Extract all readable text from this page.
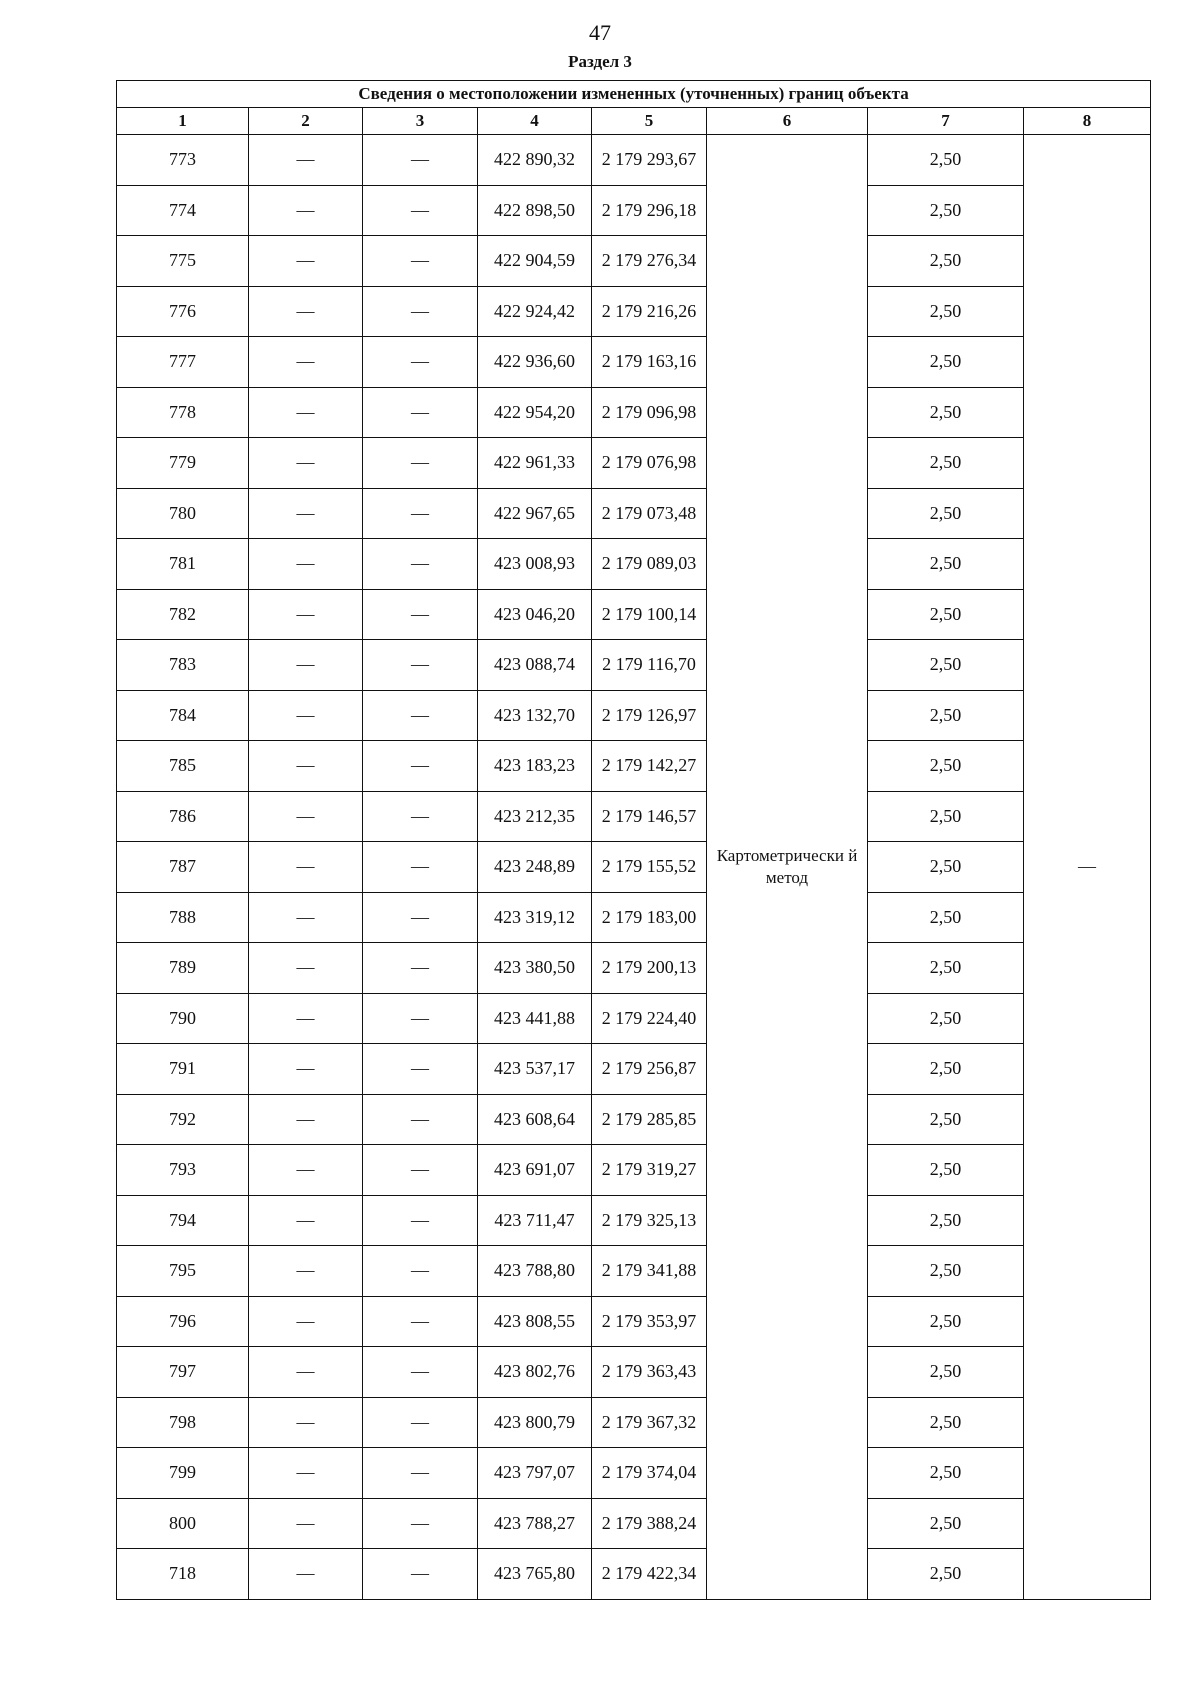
47
Раздел 3
Сведения о местоположении измененных (уточненных) границ объекта							
1	2	3	4	5	6	7	8
773	—	—	422 890,32	2 179 293,67	Картометрически й метод	2,50	—
774	—	—	422 898,50	2 179 296,18		2,50	
775	—	—	422 904,59	2 179 276,34		2,50	
776	—	—	422 924,42	2 179 216,26		2,50	
777	—	—	422 936,60	2 179 163,16		2,50	
778	—	—	422 954,20	2 179 096,98		2,50	
779	—	—	422 961,33	2 179 076,98		2,50	
780	—	—	422 967,65	2 179 073,48		2,50	
781	—	—	423 008,93	2 179 089,03		2,50	
782	—	—	423 046,20	2 179 100,14		2,50	
783	—	—	423 088,74	2 179 116,70		2,50	
784	—	—	423 132,70	2 179 126,97		2,50	
785	—	—	423 183,23	2 179 142,27		2,50	
786	—	—	423 212,35	2 179 146,57		2,50	
787	—	—	423 248,89	2 179 155,52		2,50	
788	—	—	423 319,12	2 179 183,00		2,50	
789	—	—	423 380,50	2 179 200,13		2,50	
790	—	—	423 441,88	2 179 224,40		2,50	
791	—	—	423 537,17	2 179 256,87		2,50	
792	—	—	423 608,64	2 179 285,85		2,50	
793	—	—	423 691,07	2 179 319,27		2,50	
794	—	—	423 711,47	2 179 325,13		2,50	
795	—	—	423 788,80	2 179 341,88		2,50	
796	—	—	423 808,55	2 179 353,97		2,50	
797	—	—	423 802,76	2 179 363,43		2,50	
798	—	—	423 800,79	2 179 367,32		2,50	
799	—	—	423 797,07	2 179 374,04		2,50	
800	—	—	423 788,27	2 179 388,24		2,50	
718	—	—	423 765,80	2 179 422,34		2,50	
